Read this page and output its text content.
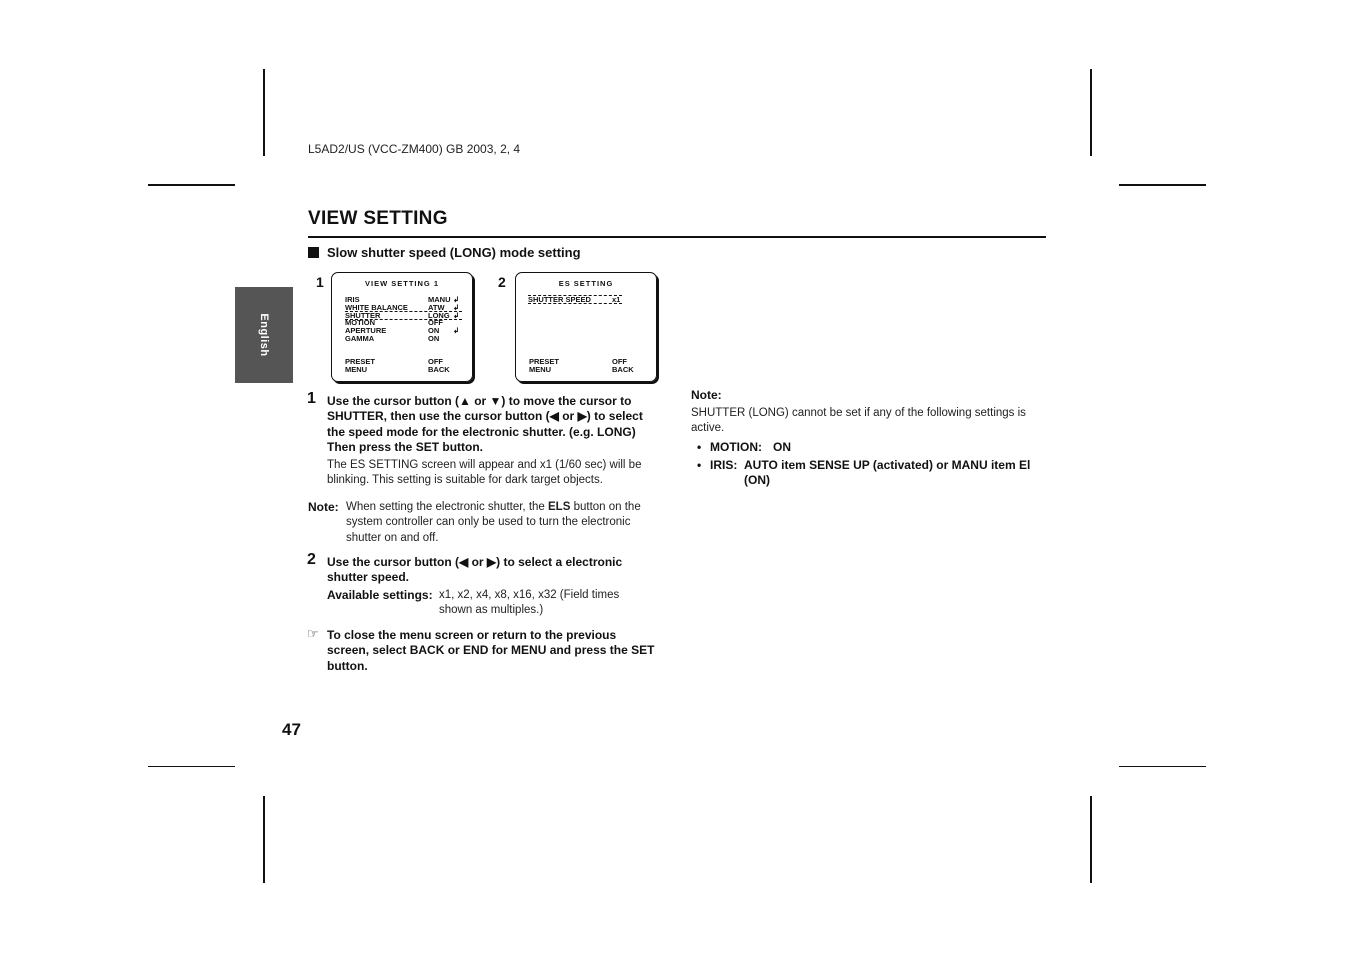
L5AD2/US (VCC-ZM400) GB 2003, 2, 4
English
VIEW SETTING
Slow shutter speed (LONG) mode setting
1	VIEW SETTING 1
IRIS	MANU ↲
WHITE BALANCE	ATW ↲
SHUTTER	LONG ↲
MOTION	OFF
APERTURE	ON ↲
GAMMA	ON
PRESET	OFF
MENU	BACK
2	ES SETTING
SHUTTER SPEED	x1
PRESET	OFF
MENU	BACK
1 Use the cursor button (▲ or ▼) to move the cursor to
SHUTTER, then use the cursor button (◀ or ▶) to select
the speed mode for the electronic shutter. (e.g. LONG)
Then press the SET button.
The ES SETTING screen will appear and x1 (1/60 sec) will be
blinking. This setting is suitable for dark target objects.
Note: When setting the electronic shutter, the ELS button on the
system controller can only be used to turn the electronic
shutter on and off.
2 Use the cursor button (◀ or ▶) to select a electronic
shutter speed.
Available settings: x1, x2, x4, x8, x16, x32 (Field times
shown as multiples.)
☞ To close the menu screen or return to the previous
screen, select BACK or END for MENU and press the SET
button.
Note:
SHUTTER (LONG) cannot be set if any of the following settings is
active.
• MOTION: ON
• IRIS: AUTO item SENSE UP (activated) or MANU item El
(ON)
47
